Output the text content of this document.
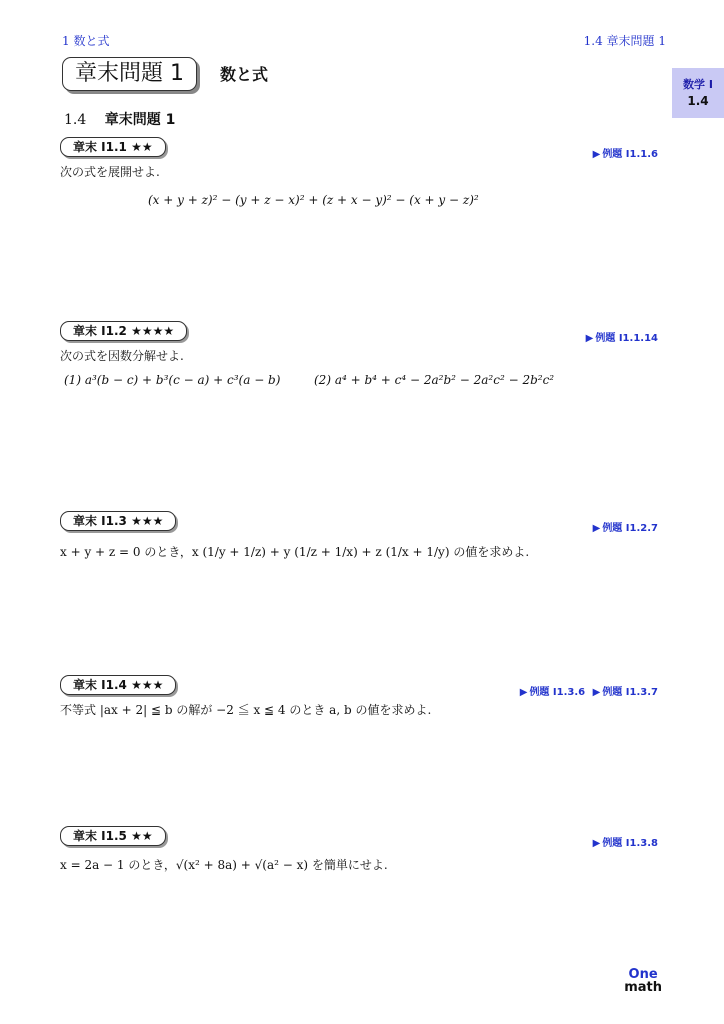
1 数と式	1.4 章末問題 1
数学 I
1.4
章末問題 1	数と式
1.4 章末問題 1
章末 I1.1 ★★
▶ 例題 I1.1.6
次の式を展開せよ.
(x + y + z)² − (y + z − x)² + (z + x − y)² − (x + y − z)²
章末 I1.2 ★★★★
▶ 例題 I1.1.14
次の式を因数分解せよ.
(1) a³(b − c) + b³(c − a) + c³(a − b)	(2) a⁴ + b⁴ + c⁴ − 2a²b² − 2a²c² − 2b²c²
章末 I1.3 ★★★
▶ 例題 I1.2.7
x + y + z = 0 のとき，x (1/y + 1/z) + y (1/z + 1/x) + z (1/x + 1/y) の値を求めよ.
章末 I1.4 ★★★
▶ 例題 I1.3.6 ▶ 例題 I1.3.7
不等式 |ax + 2| ≦ b の解が −2 ≦ x ≦ 4 のとき a, b の値を求めよ.
章末 I1.5 ★★
▶ 例題 I1.3.8
x = 2a − 1 のとき，√(x² + 8a) + √(a² − x) を簡単にせよ.
One
math
